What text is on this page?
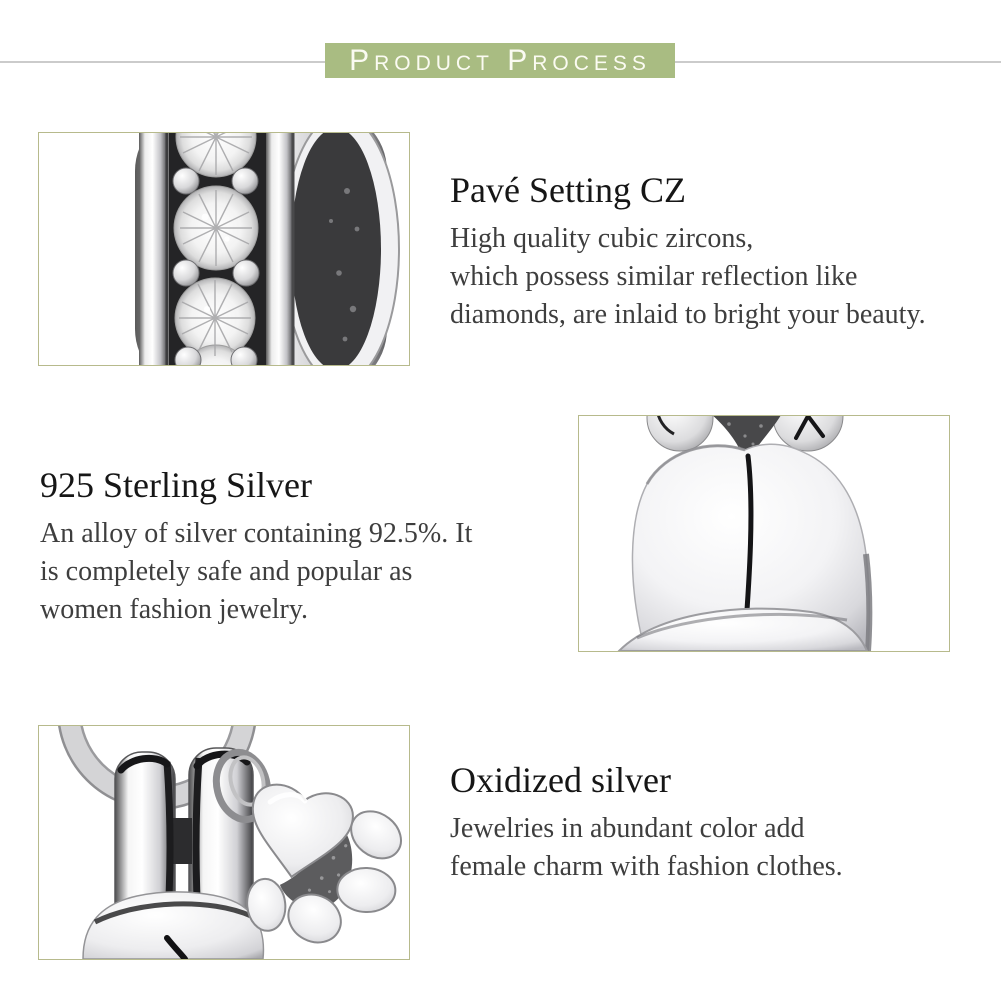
Product Process
Pavé Setting CZ
High quality cubic zircons,
which possess similar reflection like
diamonds, are inlaid to bright your beauty.
925 Sterling Silver
An alloy of silver containing 92.5%. It
is completely safe and popular as
women fashion jewelry.
Oxidized silver
Jewelries in abundant color add
female charm with fashion clothes.
